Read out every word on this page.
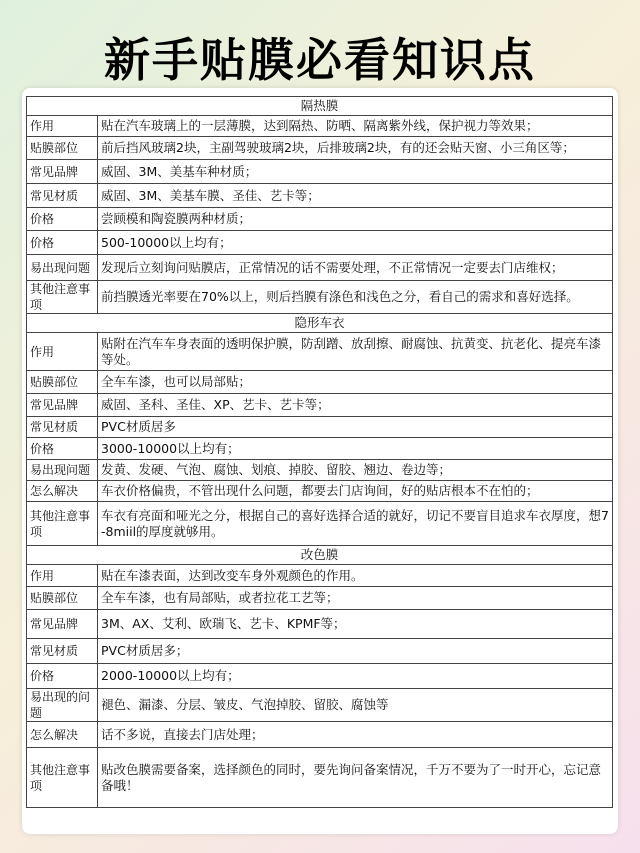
新手贴膜必看知识点
隔热膜	
作用	贴在汽车玻璃上的一层薄膜，达到隔热、防晒、隔离紫外线，保护视力等效果；
贴膜部位	前后挡风玻璃2块，主副驾驶玻璃2块，后排玻璃2块，有的还会贴天窗、小三角区等；
常见品牌	威固、3M、美基车种材质；
常见材质	威固、3M、美基车膜、圣佳、艺卡等；
价格	尝顾模和陶瓷膜两种材质；
价格	500-10000以上均有；
易出现问题	发现后立刻询问贴膜店，正常情况的话不需要处理，不正常情况一定要去门店维权；
其他注意事项	前挡膜透光率要在70%以上，则后挡膜有涤色和浅色之分，看自己的需求和喜好选择。
隐形车衣	
作用	贴附在汽车车身表面的透明保护膜，防刮蹭、放刮擦、耐腐蚀、抗黄变、抗老化、提亮车漆等处。
贴膜部位	全车车漆，也可以局部贴；
常见品牌	威固、圣科、圣佳、XP、艺卡、艺卡等；
常见材质	PVC材质居多
价格	3000-10000以上均有；
易出现问题	发黄、发硬、气泡、腐蚀、划痕、掉胶、留胶、翘边、卷边等；
怎么解决	车衣价格偏贵，不管出现什么问题，都要去门店询间，好的贴店根本不在怕的；
其他注意事项	车衣有亮面和哑光之分，根据自己的喜好选择合适的就好，切记不要盲目追求车衣厚度，想7-8miil的厚度就够用。
改色膜	
作用	贴在车漆表面，达到改变车身外观颜色的作用。
贴膜部位	全车车漆，也有局部贴，或者拉花工艺等；
常见品牌	3M、AX、艾利、欧瑞飞、艺卡、KPMF等；
常见材质	PVC材质居多；
价格	2000-10000以上均有；
易出现的问题	褪色、漏漆、分层、皱皮、气泡掉胶、留胶、腐蚀等
怎么解决	话不多说，直接去门店处理；
其他注意事项	贴改色膜需要备案，选择颜色的同时，要先询问备案情况，千万不要为了一时开心，忘记意备哦！
